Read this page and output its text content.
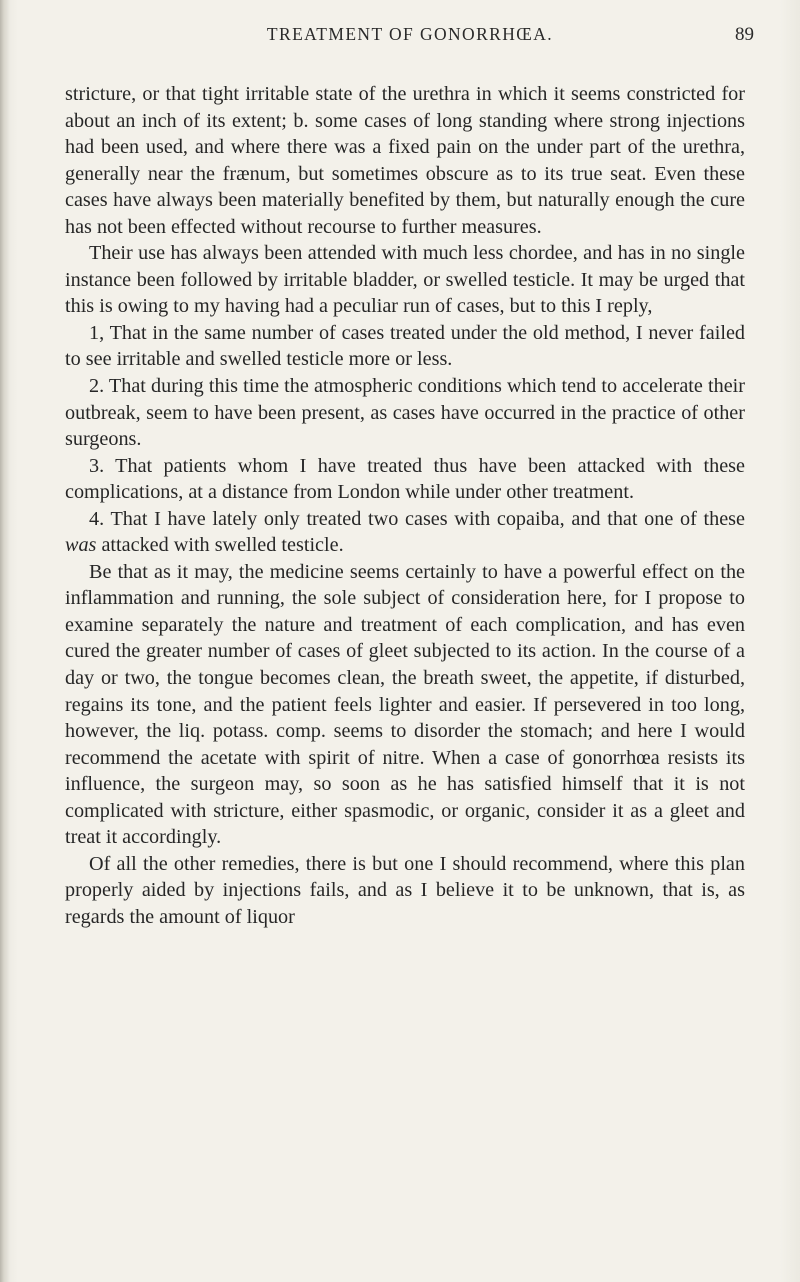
TREATMENT OF GONORRHŒA.	89

stricture, or that tight irritable state of the urethra in which it seems constricted for about an inch of its extent; b. some cases of long standing where strong injections had been used, and where there was a fixed pain on the under part of the urethra, generally near the frænum, but sometimes obscure as to its true seat. Even these cases have always been materially benefited by them, but naturally enough the cure has not been effected without recourse to further measures.

Their use has always been attended with much less chordee, and has in no single instance been followed by irritable bladder, or swelled testicle. It may be urged that this is owing to my having had a peculiar run of cases, but to this I reply,

1, That in the same number of cases treated under the old method, I never failed to see irritable and swelled testicle more or less.

2. That during this time the atmospheric conditions which tend to accelerate their outbreak, seem to have been present, as cases have occurred in the practice of other surgeons.

3. That patients whom I have treated thus have been attacked with these complications, at a distance from London while under other treatment.

4. That I have lately only treated two cases with copaiba, and that one of these was attacked with swelled testicle.

Be that as it may, the medicine seems certainly to have a powerful effect on the inflammation and running, the sole subject of consideration here, for I propose to examine separately the nature and treatment of each complication, and has even cured the greater number of cases of gleet subjected to its action. In the course of a day or two, the tongue becomes clean, the breath sweet, the appetite, if disturbed, regains its tone, and the patient feels lighter and easier. If persevered in too long, however, the liq. potass. comp. seems to disorder the stomach; and here I would recommend the acetate with spirit of nitre. When a case of gonorrhœa resists its influence, the surgeon may, so soon as he has satisfied himself that it is not complicated with stricture, either spasmodic, or organic, consider it as a gleet and treat it accordingly.

Of all the other remedies, there is but one I should recommend, where this plan properly aided by injections fails, and as I believe it to be unknown, that is, as regards the amount of liquor
